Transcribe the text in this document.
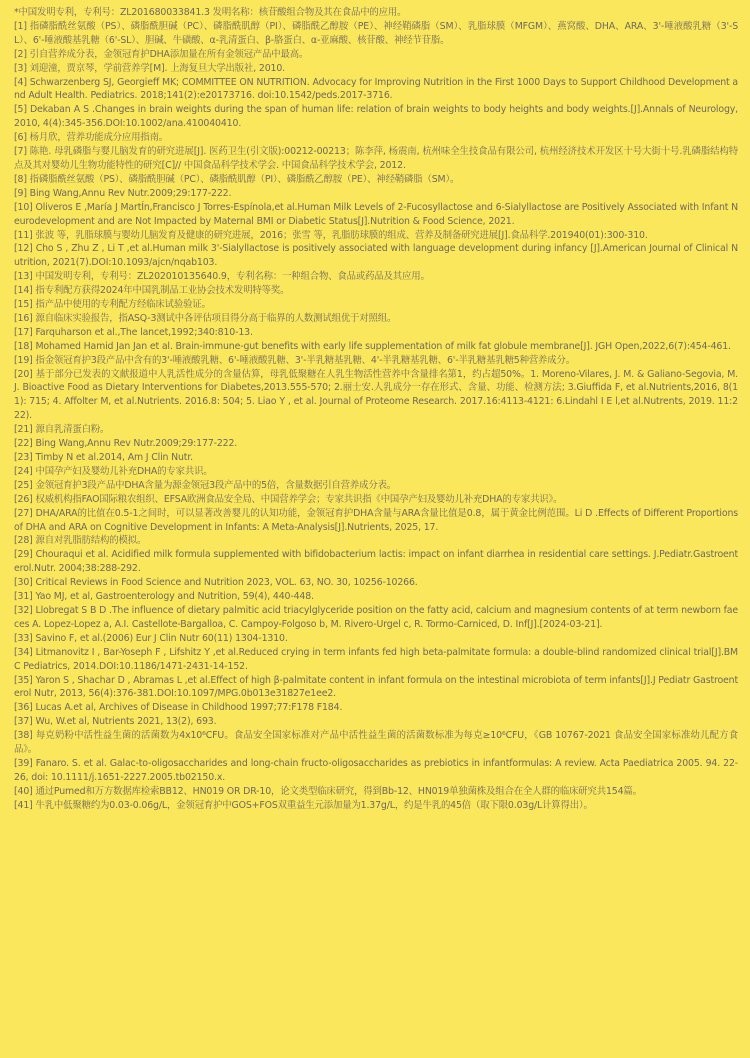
*中国发明专利，专利号：ZL201680033841.3 发明名称：核苷酸组合物及其在食品中的应用。

[1] 指磷脂酰丝氨酸（PS）、磷脂酰胆碱（PC）、磷脂酰肌醇（PI）、磷脂酰乙醇胺（PE）、神经鞘磷脂（SM）、乳脂球膜（MFGM）、燕窝酸、DHA、ARA、3'-唾液酸乳糖（3'-SL）、6'-唾液酸基乳糖（6'-SL）、胆碱、牛磺酸、α-乳清蛋白、β-胳蛋白、α-亚麻酸、核苷酸、神经节苷脂。

[2] 引自营养成分表，金领冠育护DHA添加量在所有金领冠产品中最高。

[3] 刘迎潼，贾京琴，学前营养学[M]. 上海复旦大学出版社, 2010.

[4] Schwarzenberg SJ, Georgieff MK; COMMITTEE ON NUTRITION. Advocacy for Improving Nutrition in the First 1000 Days to Support Childhood Development and Adult Health. Pediatrics. 2018;141(2):e20173716. doi:10.1542/peds.2017-3716.

[5] Dekaban A S .Changes in brain weights during the span of human life: relation of brain weights to body heights and body weights.[J].Annals of Neurology, 2010, 4(4):345-356.DOI:10.1002/ana.410040410.

[6] 杨月欣，营养功能成分应用指南。

[7] 陈艳. 母乳磷脂与婴儿脑发育的研究进展[J]. 医药卫生(引文版):00212-00213；陈李萍, 杨震南, 杭州味全生技食品有限公司, 杭州经济技术开发区十号大街十号.乳磷脂结构特点及其对婴幼儿生物功能特性的研究[C]// 中国食品科学技术学会. 中国食品科学技术学会, 2012.

[8] 指磷脂酰丝氨酸（PS）、磷脂酰胆碱（PC）、磷脂酰肌醇（PI）、磷脂酰乙醇胺（PE）、神经鞘磷脂（SM）。

[9] Bing Wang,Annu Rev Nutr.2009;29:177-222.

[10] Oliveros E ,María J MartÍn,Francisco J Torres-Espínola,et al.Human Milk Levels of 2-Fucosyllactose and 6-Sialyllactose are Positively Associated with Infant Neurodevelopment and are Not Impacted by Maternal BMI or Diabetic Status[J].Nutrition & Food Science, 2021.

[11] 张波 等，乳脂球膜与婴幼儿脑发育及健康的研究进展，2016；张雪 等，乳脂肪球膜的组成、营养及制备研究进展[J].食品科学.201940(01):300-310.

[12] Cho S , Zhu Z , Li T ,et al.Human milk 3'-Sialyllactose is positively associated with language development during infancy [J].American Journal of Clinical Nutrition, 2021(7).DOI:10.1093/ajcn/nqab103.

[13] 中国发明专利，专利号：ZL202010135640.9，专利名称：一种组合物、食品或药品及其应用。

[14] 指专利配方获得2024年中国乳制品工业协会技术发明特等奖。

[15] 指产品中使用的专利配方经临床试验验证。

[16] 源自临床实验报告，指ASQ-3测试中各评估项目得分高于临界的人数测试组优于对照组。

[17] Farquharson et al.,The lancet,1992;340:810-13.

[18] Mohamed Hamid Jan Jan et al. Brain-immune-gut benefits with early life supplementation of milk fat globule membrane[J]. JGH Open,2022,6(7):454-461.

[19] 指金领冠育护3段产品中含有的3'-唾液酸乳糖、6'-唾液酸乳糖、3'-半乳糖基乳糖、4'-半乳糖基乳糖、6'-半乳糖基乳糖5种营养成分。

[20] 基于部分已发表的文献报道中人乳活性成分的含量估算，母乳低聚糖在人乳生物活性营养中含量排名第1，约占超50%。1. Moreno-Vilares, J. M. & Galiano-Segovia, M. J. Bioactive Food as Dietary Interventions for Diabetes,2013.555-570; 2.丽士安.人乳成分一存在形式、含量、功能、检测方法; 3.Giuffida F, et al.Nutrients,2016, 8(11): 715; 4. Affolter M, et al.Nutrients. 2016.8: 504; 5. Liao Y , et al. Journal of Proteome Research. 2017.16:4113-4121: 6.Lindahl I E l,et al.Nutrents, 2019. 11:222).

[21] 源自乳清蛋白粉。

[22] Bing Wang,Annu Rev Nutr.2009;29:177-222.

[23] Timby N et al.2014, Am J Clin Nutr.

[24] 中国孕产妇及婴幼儿补充DHA的专家共识。

[25] 金领冠育护3段产品中DHA含量为源金领冠3段产品中的5倍，含量数据引自营养成分表。

[26] 权威机构指FAO国际粮农组织、EFSA欧洲食品安全局、中国营养学会；专家共识指《中国孕产妇及婴幼儿补充DHA的专家共识》。

[27] DHA/ARA的比值在0.5-1之间时，可以显著改善婴儿的认知功能，金领冠育护DHA含量与ARA含量比值是0.8，属于黄金比例范围。Li D .Effects of Different Proportions of DHA and ARA on Cognitive Development in Infants: A Meta-Analysis[J].Nutrients, 2025, 17.

[28] 源自对乳脂肪结构的模拟。

[29] Chouraqui et al. Acidified milk formula supplemented with bifidobacterium lactis: impact on infant diarrhea in residential care settings. J.Pediatr.Gastroenterol.Nutr. 2004;38:288-292.

[30] Critical Reviews in Food Science and Nutrition 2023, VOL. 63, NO. 30, 10256-10266.

[31] Yao MJ, et al, Gastroenterology and Nutrition, 59(4), 440-448.

[32] Llobregat S B D .The influence of dietary palmitic acid triacylglyceride position on the fatty acid, calcium and magnesium contents of at term newborn faeces A. Lopez-Lopez a, A.I. Castellote-Bargalloa, C. Campoy-Folgoso b, M. Rivero-Urgel c, R. Tormo-Carniced, D. Inf[J].[2024-03-21].

[33] Savino F, et al.(2006) Eur J Clin Nutr 60(11) 1304-1310.

[34] Litmanovitz I , Bar-Yoseph F , Lifshitz Y ,et al.Reduced crying in term infants fed high beta-palmitate formula: a double-blind randomized clinical trial[J].BMC Pediatrics, 2014.DOI:10.1186/1471-2431-14-152.

[35] Yaron S , Shachar D , Abramas L ,et al.Effect of high β-palmitate content in infant formula on the intestinal microbiota of term infants[J].J Pediatr Gastroenterol Nutr, 2013, 56(4):376-381.DOI:10.1097/MPG.0b013e31827e1ee2.

[36] Lucas A.et al, Archives of Disease in Childhood 1997;77:F178 F184.

[37] Wu, W.et al, Nutrients 2021, 13(2), 693.

[38] 每克奶粉中活性益生菌的活菌数为4x10⁶CFU。食品安全国家标准对产品中活性益生菌的活菌数标准为每克≥10⁶CFU，《GB 10767-2021 食品安全国家标准幼儿配方食品》。

[39] Fanaro. S. et al. Galac-to-oligosaccharides and long-chain fructo-oligosaccharides as prebiotics in infantformulas: A review. Acta Paediatrica 2005. 94. 22-26, doi: 10.1111/j.1651-2227.2005.tb02150.x.

[40] 通过Pumed和万方数据库检索BB12、HN019 OR DR-10，论文类型临床研究，得到Bb-12、HN019单独菌株及组合在全人群的临床研究共154篇。

[41] 牛乳中低聚糖约为0.03-0.06g/L，金领冠育护中GOS+FOS双重益生元添加量为1.37g/L，约是牛乳的45倍（取下限0.03g/L计算得出）。
